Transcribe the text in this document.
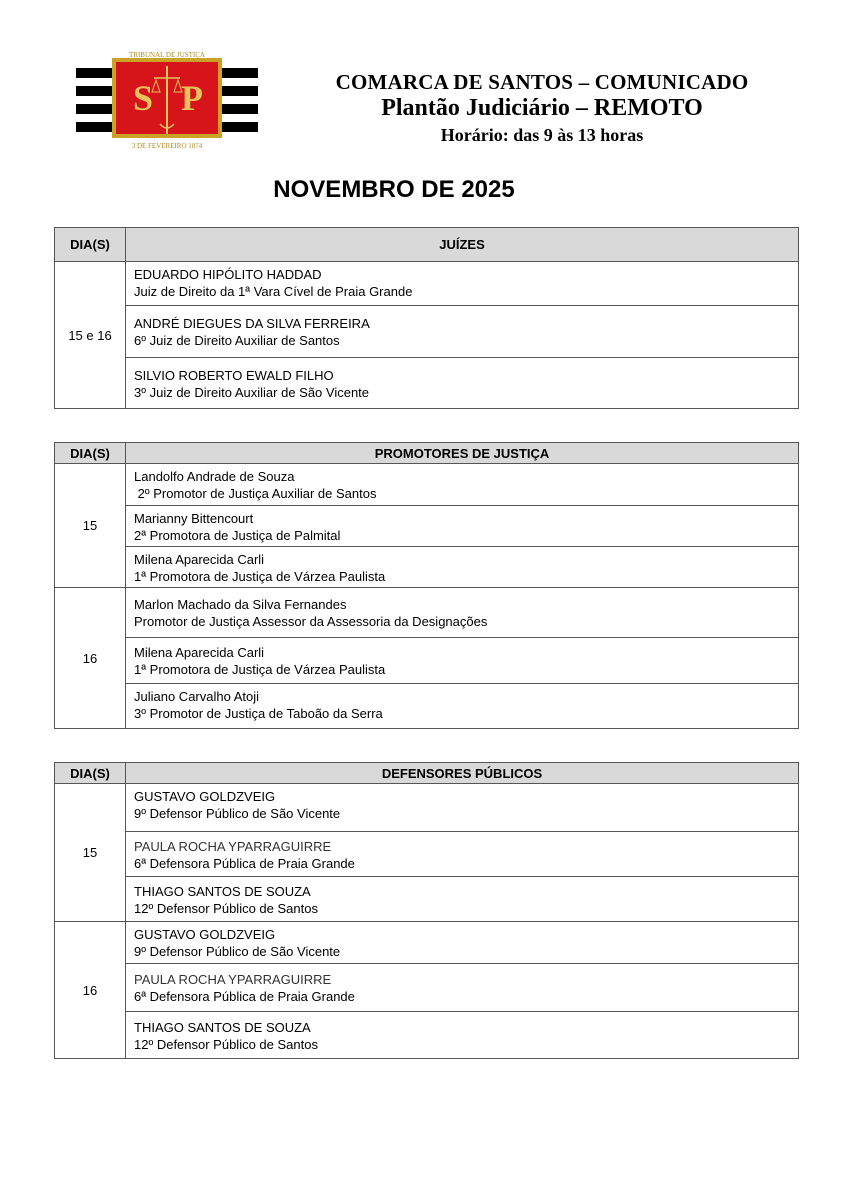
TRIBUNAL DE JUSTIÇA
S P
3 DE FEVEREIRO 1874
COMARCA DE SANTOS – COMUNICADO
Plantão Judiciário – REMOTO
Horário: das 9 às 13 horas
NOVEMBRO DE 2025
DIA(S)	JUÍZES
15 e 16	EDUARDO HIPÓLITO HADDAD
Juiz de Direito da 1ª Vara Cível de Praia Grande

	ANDRÉ DIEGUES DA SILVA FERREIRA
6º Juiz de Direito Auxiliar de Santos

	SILVIO ROBERTO EWALD FILHO
3º Juiz de Direito Auxiliar de São Vicente
DIA(S)	PROMOTORES DE JUSTIÇA
15	Landolfo Andrade de Souza
2º Promotor de Justiça Auxiliar de Santos

	Marianny Bittencourt
2ª Promotora de Justiça de Palmital

	Milena Aparecida Carli
1ª Promotora de Justiça de Várzea Paulista

16	Marlon Machado da Silva Fernandes
Promotor de Justiça Assessor da Assessoria da Designações

	Milena Aparecida Carli
1ª Promotora de Justiça de Várzea Paulista

	Juliano Carvalho Atoji
3º Promotor de Justiça de Taboão da Serra
DIA(S)	DEFENSORES PÚBLICOS
15	GUSTAVO GOLDZVEIG
9º Defensor Público de São Vicente

	PAULA ROCHA YPARRAGUIRRE
6ª Defensora Pública de Praia Grande

	THIAGO SANTOS DE SOUZA
12º Defensor Público de Santos

16	GUSTAVO GOLDZVEIG
9º Defensor Público de São Vicente

	PAULA ROCHA YPARRAGUIRRE
6ª Defensora Pública de Praia Grande

	THIAGO SANTOS DE SOUZA
12º Defensor Público de Santos
